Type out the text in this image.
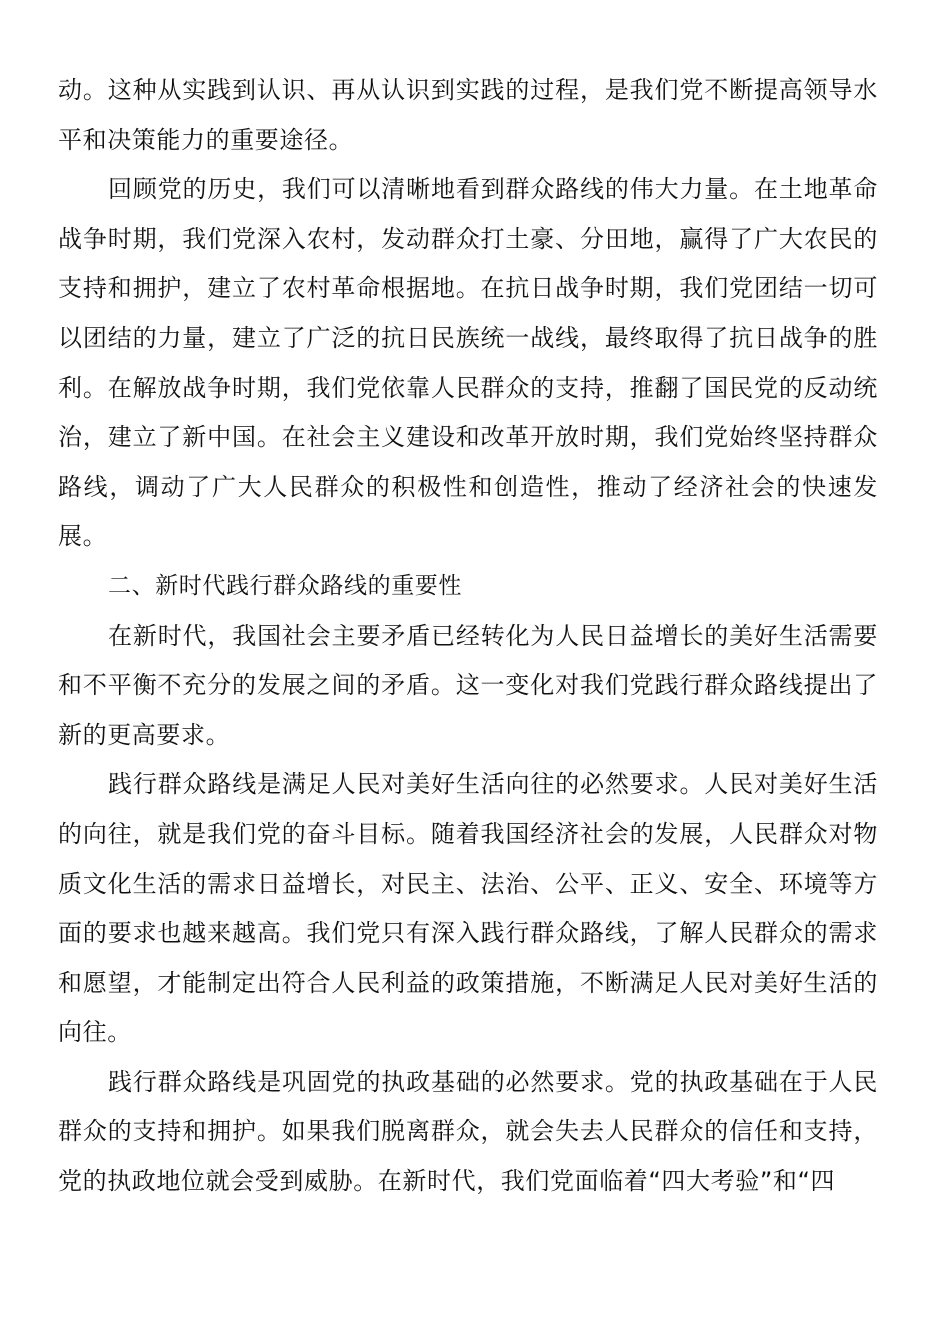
动。这种从实践到认识、再从认识到实践的过程，是我们党不断提高领导水平和决策能力的重要途径。

回顾党的历史，我们可以清晰地看到群众路线的伟大力量。在土地革命战争时期，我们党深入农村，发动群众打土豪、分田地，赢得了广大农民的支持和拥护，建立了农村革命根据地。在抗日战争时期，我们党团结一切可以团结的力量，建立了广泛的抗日民族统一战线，最终取得了抗日战争的胜利。在解放战争时期，我们党依靠人民群众的支持，推翻了国民党的反动统治，建立了新中国。在社会主义建设和改革开放时期，我们党始终坚持群众路线，调动了广大人民群众的积极性和创造性，推动了经济社会的快速发展。

二、新时代践行群众路线的重要性

在新时代，我国社会主要矛盾已经转化为人民日益增长的美好生活需要和不平衡不充分的发展之间的矛盾。这一变化对我们党践行群众路线提出了新的更高要求。

践行群众路线是满足人民对美好生活向往的必然要求。人民对美好生活的向往，就是我们党的奋斗目标。随着我国经济社会的发展，人民群众对物质文化生活的需求日益增长，对民主、法治、公平、正义、安全、环境等方面的要求也越来越高。我们党只有深入践行群众路线，了解人民群众的需求和愿望，才能制定出符合人民利益的政策措施，不断满足人民对美好生活的向往。

践行群众路线是巩固党的执政基础的必然要求。党的执政基础在于人民群众的支持和拥护。如果我们脱离群众，就会失去人民群众的信任和支持，党的执政地位就会受到威胁。在新时代，我们党面临着“四大考验”和“四
